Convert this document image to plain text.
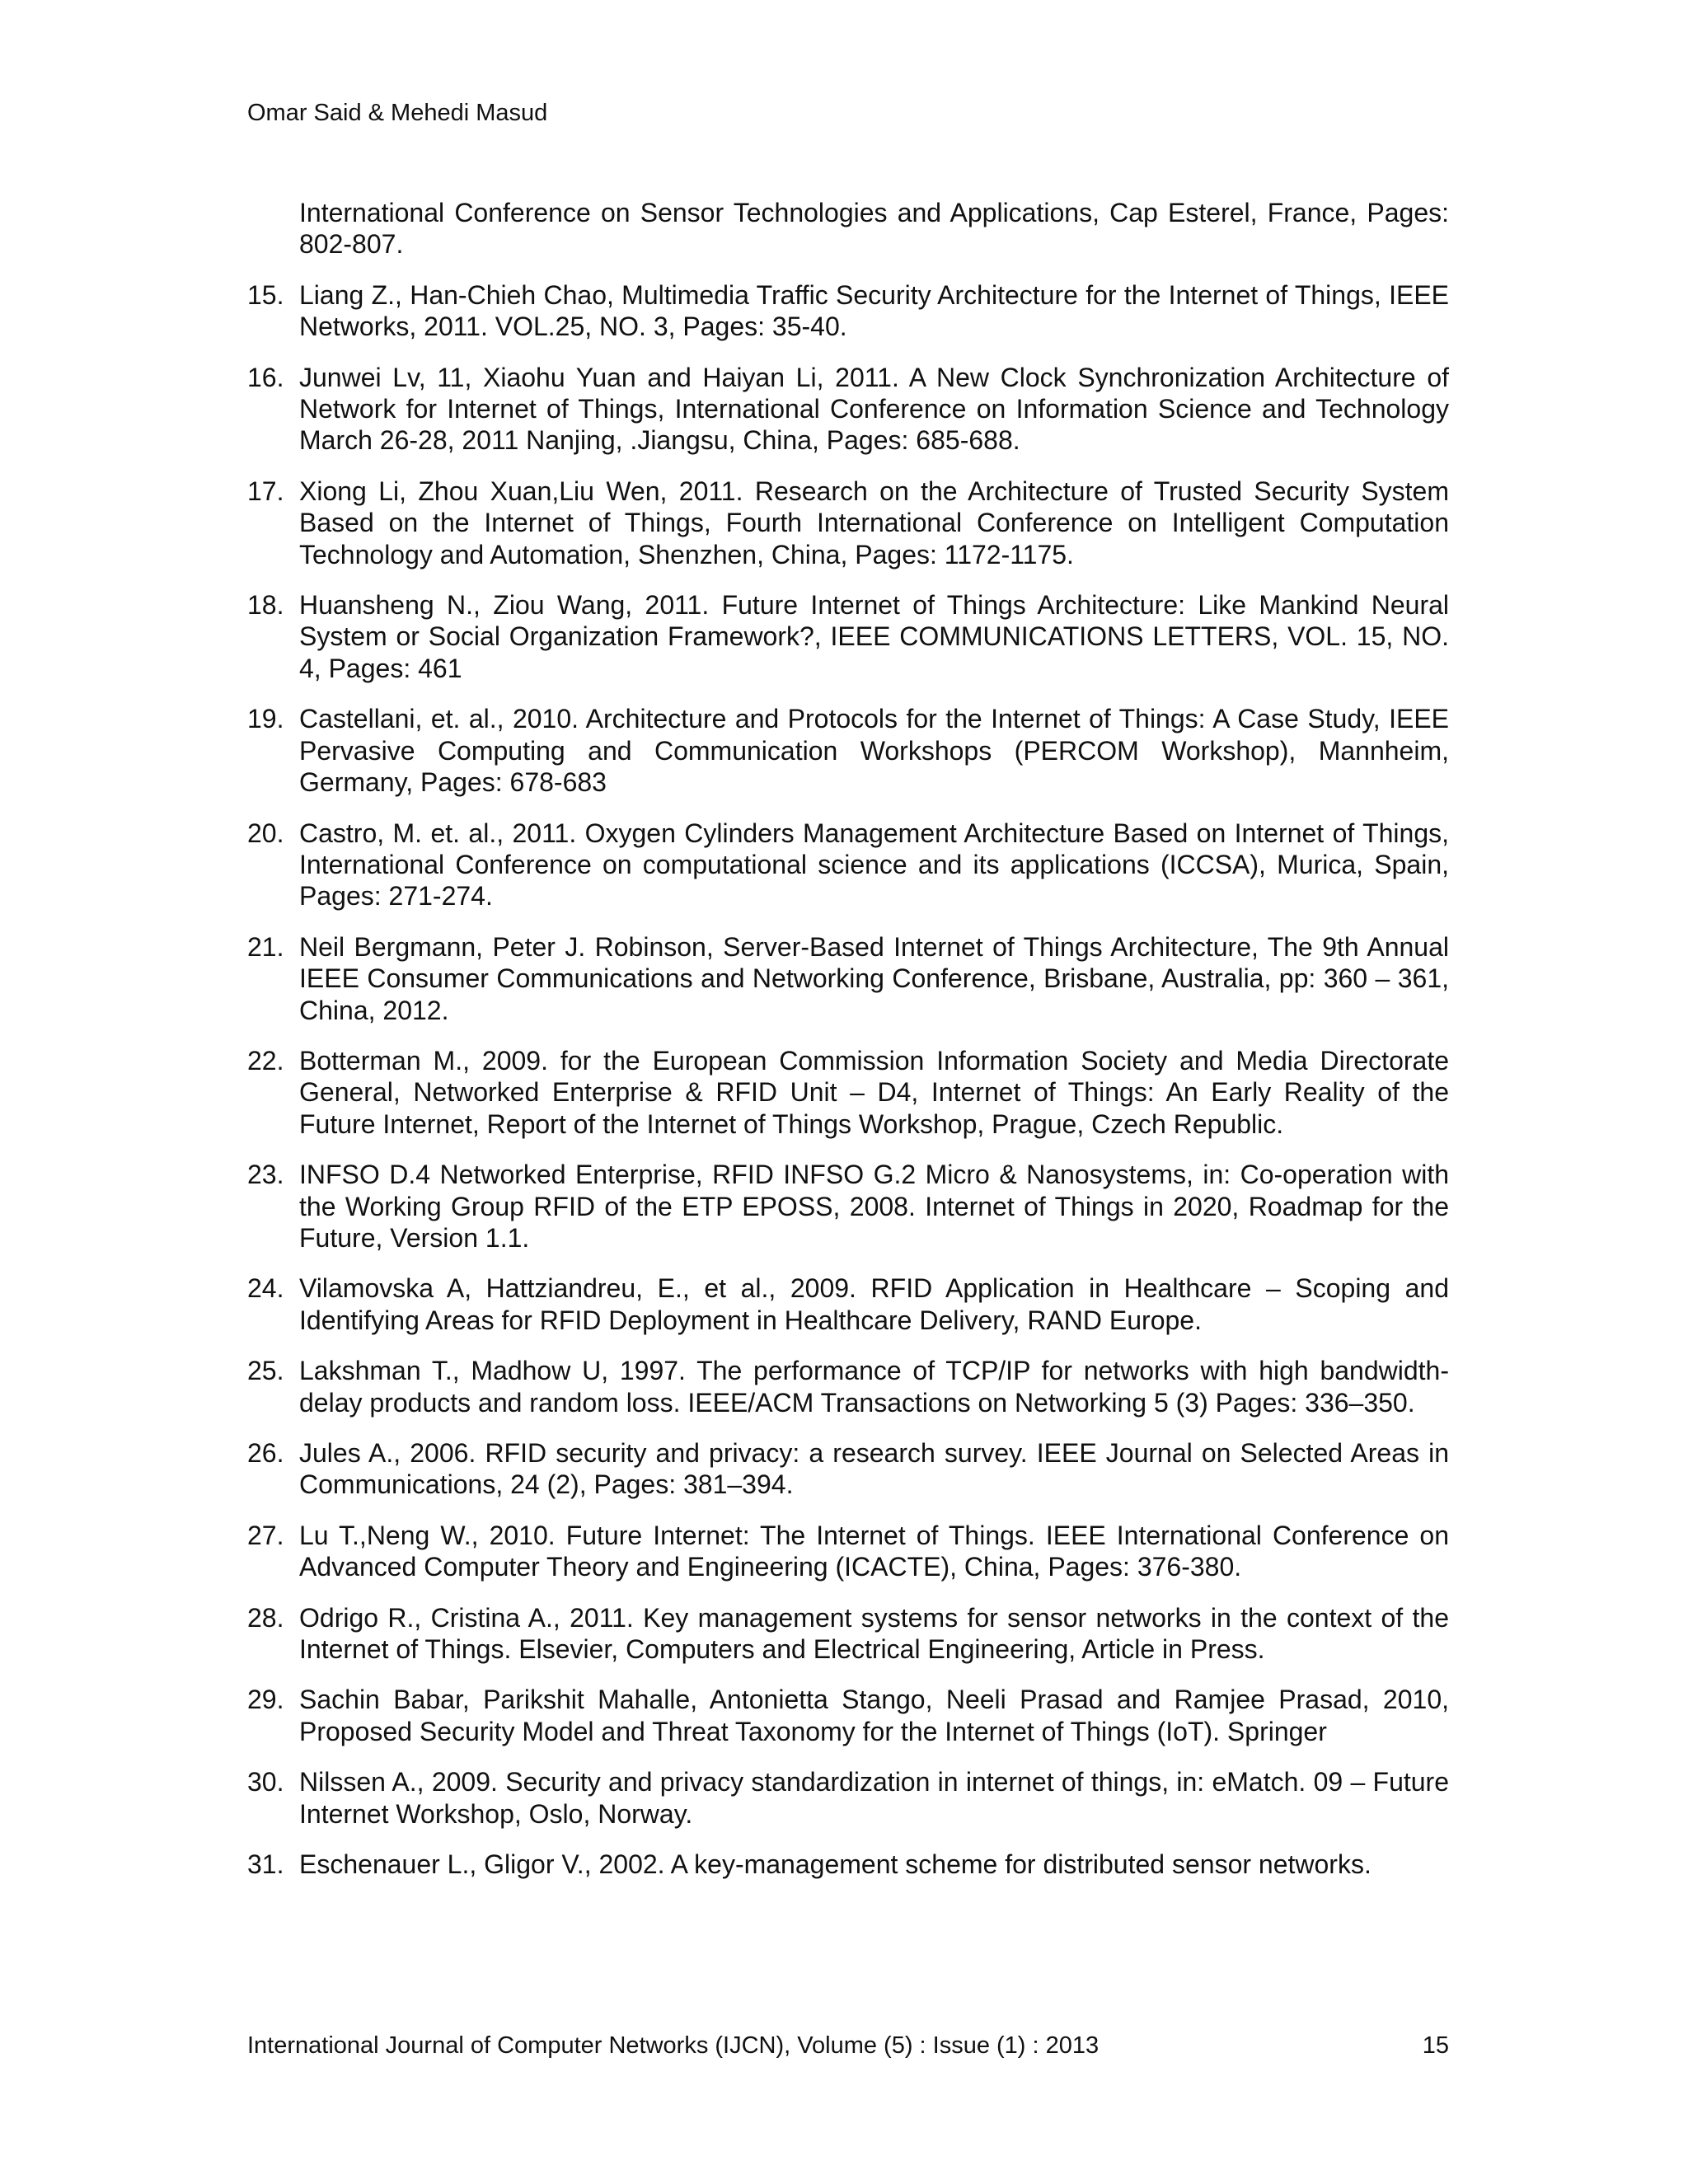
Omar Said & Mehedi Masud
International Conference on Sensor Technologies and Applications, Cap Esterel, France, Pages: 802-807.
15. Liang Z., Han-Chieh Chao, Multimedia Traffic Security Architecture for the Internet of Things, IEEE Networks, 2011. VOL.25, NO. 3, Pages: 35-40.
16. Junwei Lv, 11, Xiaohu Yuan and Haiyan Li, 2011. A New Clock Synchronization Architecture of Network for Internet of Things, International Conference on Information Science and Technology March 26-28, 2011 Nanjing, .Jiangsu, China, Pages: 685-688.
17. Xiong Li, Zhou Xuan,Liu Wen, 2011. Research on the Architecture of Trusted Security System Based on the Internet of Things, Fourth International Conference on Intelligent Computation Technology and Automation, Shenzhen, China, Pages: 1172-1175.
18. Huansheng N., Ziou Wang, 2011. Future Internet of Things Architecture: Like Mankind Neural System or Social Organization Framework?, IEEE COMMUNICATIONS LETTERS, VOL. 15, NO. 4, Pages: 461
19. Castellani, et. al., 2010. Architecture and Protocols for the Internet of Things: A Case Study, IEEE Pervasive Computing and Communication Workshops (PERCOM Workshop), Mannheim, Germany, Pages: 678-683
20. Castro, M. et. al., 2011. Oxygen Cylinders Management Architecture Based on Internet of Things, International Conference on computational science and its applications (ICCSA), Murica, Spain, Pages: 271-274.
21. Neil Bergmann, Peter J. Robinson, Server-Based Internet of Things Architecture, The 9th Annual IEEE Consumer Communications and Networking Conference, Brisbane, Australia, pp: 360 – 361, China, 2012.
22. Botterman M., 2009. for the European Commission Information Society and Media Directorate General, Networked Enterprise & RFID Unit – D4, Internet of Things: An Early Reality of the Future Internet, Report of the Internet of Things Workshop, Prague, Czech Republic.
23. INFSO D.4 Networked Enterprise, RFID INFSO G.2 Micro & Nanosystems, in: Co-operation with the Working Group RFID of the ETP EPOSS, 2008. Internet of Things in 2020, Roadmap for the Future, Version 1.1.
24. Vilamovska A, Hattziandreu, E., et al., 2009. RFID Application in Healthcare – Scoping and Identifying Areas for RFID Deployment in Healthcare Delivery, RAND Europe.
25. Lakshman T., Madhow U, 1997. The performance of TCP/IP for networks with high bandwidth-delay products and random loss. IEEE/ACM Transactions on Networking 5 (3) Pages: 336–350.
26. Jules A., 2006. RFID security and privacy: a research survey. IEEE Journal on Selected Areas in Communications, 24 (2), Pages: 381–394.
27. Lu T.,Neng W., 2010. Future Internet: The Internet of Things. IEEE International Conference on Advanced Computer Theory and Engineering (ICACTE), China, Pages: 376-380.
28. Odrigo R., Cristina A., 2011. Key management systems for sensor networks in the context of the Internet of Things. Elsevier, Computers and Electrical Engineering, Article in Press.
29. Sachin Babar, Parikshit Mahalle, Antonietta Stango, Neeli Prasad and Ramjee Prasad, 2010, Proposed Security Model and Threat Taxonomy for the Internet of Things (IoT). Springer
30. Nilssen A., 2009. Security and privacy standardization in internet of things, in: eMatch. 09 – Future Internet Workshop, Oslo, Norway.
31. Eschenauer L., Gligor V., 2002. A key-management scheme for distributed sensor networks.
International Journal of Computer Networks (IJCN), Volume (5) : Issue (1) : 2013	15
